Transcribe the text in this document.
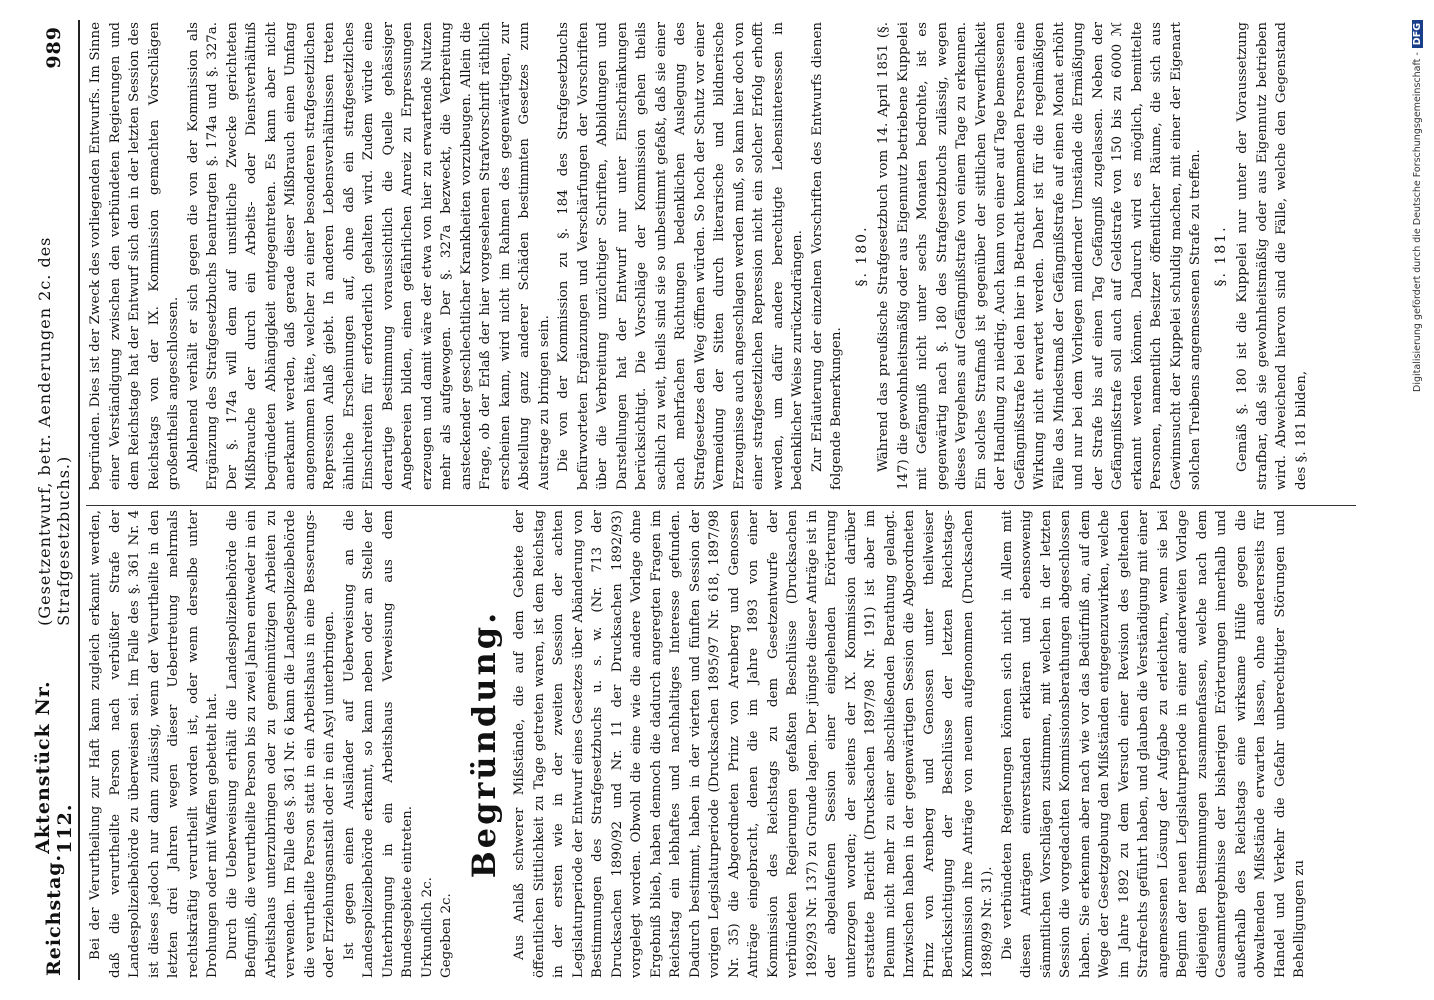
Reichstag.
Aktenstück Nr. 112.
(Gesetzentwurf, betr. Aenderungen 2c. des Strafgesetzbuchs.)
989

Bei der Verurtheilung zur Haft kann zugleich erkannt werden, daß die verurtheilte Person nach verbüßter Strafe der Landespolizeibehörde zu überweisen sei. Im Falle des §. 361 Nr. 4 ist dieses jedoch nur dann zulässig, wenn der Verurtheilte in den letzten drei Jahren wegen dieser Uebertretung mehrmals rechtskräftig verurtheilt worden ist, oder wenn derselbe unter Drohungen oder mit Waffen gebettelt hat. Durch die Ueberweisung erhält die Landespolizeibehörde die Befugniß, die verurtheilte Person bis zu zwei Jahren entweder in ein Arbeitshaus unterzubringen oder zu gemeinnützigen Arbeiten zu verwenden. Im Falle des §. 361 Nr. 6 kann die Landespolizeibehörde die verurtheilte Person statt in ein Arbeitshaus in eine Besserungs- oder Erziehungsanstalt oder in ein Asyl unterbringen. Ist gegen einen Ausländer auf Ueberweisung an die Landespolizeibehörde erkannt, so kann neben oder an Stelle der Unterbringung in ein Arbeitshaus Verweisung aus dem Bundesgebiete eintreten. Urkundlich 2c. Gegeben 2c.

Begründung. Aus Anlaß schwerer Mißstände, die auf dem Gebiete der öffentlichen Sittlichkeit zu Tage getreten waren, ist dem Reichstag in der ersten wie in der zweiten Session der achten Legislaturperiode der Entwurf eines Gesetzes über Abänderung von Bestimmungen des Strafgesetzbuchs u. s. w. (Nr. 713 der Drucksachen 1890/92 und Nr. 11 der Drucksachen 1892/93) vorgelegt worden. Obwohl die eine wie die andere Vorlage ohne Ergebniß blieb, haben dennoch die dadurch angeregten Fragen im Reichstag ein lebhaftes und nachhaltiges Interesse gefunden. Dadurch bestimmt, haben in der vierten und fünften Session der vorigen Legislaturperiode (Drucksachen 1895/97 Nr. 618, 1897/98 Nr. 35) die Abgeordneten Prinz von Arenberg und Genossen Anträge eingebracht, denen die im Jahre 1893 von einer Kommission des Reichstags zu dem Gesetzentwurfe der verbündeten Regierungen gefaßten Beschlüsse (Drucksachen 1892/93 Nr. 137) zu Grunde lagen. Der jüngste dieser Anträge ist in der abgelaufenen Session einer eingehenden Erörterung unterzogen worden; der seitens der IX. Kommission darüber erstattete Bericht (Drucksachen 1897/98 Nr. 191) ist aber im Plenum nicht mehr zu einer abschließenden Berathung gelangt. Inzwischen haben in der gegenwärtigen Session die Abgeordneten Prinz von Arenberg und Genossen unter theilweiser Berücksichtigung der Beschlüsse der letzten Reichstags-Kommission ihre Anträge von neuem aufgenommen (Drucksachen 1898/99 Nr. 31). Die verbündeten Regierungen können sich nicht in Allem mit diesen Anträgen einverstanden erklären und ebensowenig sämmtlichen Vorschlägen zustimmen, mit welchen in der letzten Session die vorgedachten Kommissionsberathungen abgeschlossen haben. Sie erkennen aber nach wie vor das Bedürfniß an, auf dem Wege der Gesetzgebung den Mißständen entgegenzuwirken, welche im Jahre 1892 zu dem Versuch einer Revision des geltenden Strafrechts geführt haben, und glauben die Verständigung mit einer angemessenen Lösung der Aufgabe zu erleichtern, wenn sie bei Beginn der neuen Legislaturperiode in einer anderweiten Vorlage diejenigen Bestimmungen zusammenfassen, welche nach dem Gesammtergebnisse der bisherigen Erörterungen innerhalb und außerhalb des Reichstags eine wirksame Hülfe gegen die obwaltenden Mißstände erwarten lassen, ohne andererseits für Handel und Verkehr die Gefahr unberechtigter Störungen und Behelligungen zu

begründen. Dies ist der Zweck des vorliegenden Entwurfs. Im Sinne einer Verständigung zwischen den verbündeten Regierungen und dem Reichstage hat der Entwurf sich den in der letzten Session des Reichstags von der IX. Kommission gemachten Vorschlägen großentheils angeschlossen. Ablehnend verhält er sich gegen die von der Kommission als Ergänzung des Strafgesetzbuchs beantragten §. 174a und §. 327a. Der §. 174a will dem auf unsittliche Zwecke gerichteten Mißbrauche der durch ein Arbeits- oder Dienstverhältniß begründeten Abhängigkeit entgegentreten. Es kann aber nicht anerkannt werden, daß gerade dieser Mißbrauch einen Umfang angenommen hätte, welcher zu einer besonderen strafgesetzlichen Repression Anlaß giebt. In anderen Lebensverhältnissen treten ähnliche Erscheinungen auf, ohne daß ein strafgesetzliches Einschreiten für erforderlich gehalten wird. Zudem würde eine derartige Bestimmung voraussichtlich die Quelle gehässiger Angebereien bilden, einen gefährlichen Anreiz zu Erpressungen erzeugen und damit wäre der etwa von hier zu erwartende Nutzen mehr als aufgewogen. Der §. 327a bezweckt, die Verbreitung ansteckender geschlechtlicher Krankheiten vorzubeugen. Allein die Frage, ob der Erlaß der hier vorgesehenen Strafvorschrift räthlich erscheinen kann, wird nicht im Rahmen des gegenwärtigen, zur Abstellung ganz anderer Schäden bestimmten Gesetzes zum Austrage zu bringen sein. Die von der Kommission zu §. 184 des Strafgesetzbuchs befürworteten Ergänzungen und Verschärfungen der Vorschriften über die Verbreitung unzüchtiger Schriften, Abbildungen und Darstellungen hat der Entwurf nur unter Einschränkungen berücksichtigt. Die Vorschläge der Kommission gehen theils sachlich zu weit, theils sind sie so unbestimmt gefaßt, daß sie einer nach mehrfachen Richtungen bedenklichen Auslegung des Strafgesetzes den Weg öffnen würden. So hoch der Schutz vor einer Vermeidung der Sitten durch literarische und bildnerische Erzeugnisse auch angeschlagen werden muß, so kann hier doch von einer strafgesetzlichen Repression nicht ein solcher Erfolg erhofft werden, um dafür andere berechtigte Lebensinteressen in bedenklicher Weise zurückzudrängen. Zur Erläuterung der einzelnen Vorschriften des Entwurfs dienen folgende Bemerkungen.

§. 180. Während das preußische Strafgesetzbuch vom 14. April 1851 (§. 147) die gewohnheitsmäßig oder aus Eigennutz betriebene Kuppelei mit Gefängniß nicht unter sechs Monaten bedrohte, ist es gegenwärtig nach §. 180 des Strafgesetzbuchs zulässig, wegen dieses Vergehens auf Gefängnißstrafe von einem Tage zu erkennen. Ein solches Strafmaß ist gegenüber der sittlichen Verwerflichkeit der Handlung zu niedrig. Auch kann von einer auf Tage bemessenen Gefängnißstrafe bei den hier in Betracht kommenden Personen eine Wirkung nicht erwartet werden. Daher ist für die regelmäßigen Fälle das Mindestmaß der Gefängnißstrafe auf einen Monat erhöht und nur bei dem Vorliegen mildernder Umstände die Ermäßigung der Strafe bis auf einen Tag Gefängniß zugelassen. Neben der Gefängnißstrafe soll auch auf Geldstrafe von 150 bis zu 6000 ℳ erkannt werden können. Dadurch wird es möglich, bemittelte Personen, namentlich Besitzer öffentlicher Räume, die sich aus Gewinnsucht der Kuppelei schuldig machen, mit einer der Eigenart solchen Treibens angemessenen Strafe zu treffen. §. 181. Gemäß §. 180 ist die Kuppelei nur unter der Voraussetzung strafbar, daß sie gewohnheitsmäßig oder aus Eigennutz betrieben wird. Abweichend hiervon sind die Fälle, welche den Gegenstand des §. 181 bilden,

Digitalisierung gefördert durch die Deutsche Forschungsgemeinschaft -DFG
